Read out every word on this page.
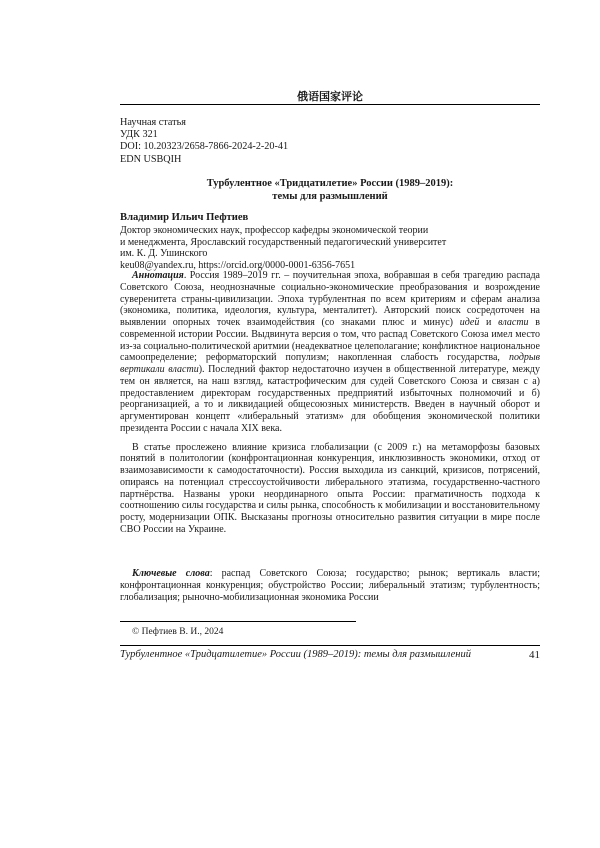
俄语国家评论
Научная статья
УДК 321
DOI: 10.20323/2658-7866-2024-2-20-41
EDN USBQIH
Турбулентное «Тридцатилетие» России (1989–2019):
темы для размышлений
Владимир Ильич Пефтиев
Доктор экономических наук, профессор кафедры экономической теории
и менеджмента, Ярославский государственный педагогический университет
им. К. Д. Ушинского
keu08@yandex.ru, https://orcid.org/0000-0001-6356-7651

Аннотация. Россия 1989–2019 гг. – поучительная эпоха, вобравшая в себя трагедию распада Советского Союза, неоднозначные социально-экономические преобразования и возрождение суверенитета страны-цивилизации. Эпоха турбулентная по всем критериям и сферам анализа (экономика, политика, идеология, культура, менталитет). Авторский поиск сосредоточен на выявлении опорных точек взаимодействия (со знаками плюс и минус) идей и власти в современной истории России. Выдвинута версия о том, что распад Советского Союза имел место из-за социально-политической аритмии (неадекватное целеполагание; конфликтное национальное самоопределение; реформаторский популизм; накопленная слабость государства, подрыв вертикали власти). Последний фактор недостаточно изучен в общественной литературе, между тем он является, на наш взгляд, катастрофическим для судей Советского Союза и связан с а) предоставлением директорам государственных предприятий избыточных полномочий и б) реорганизацией, а то и ликвидацией общесоюзных министерств. Введен в научный оборот и аргументирован концепт «либеральный этатизм» для обобщения экономической политики президента России с начала XIX века.

В статье прослежено влияние кризиса глобализации (с 2009 г.) на метаморфозы базовых понятий в политологии (конфронтационная конкуренция, инклюзивность экономики, отход от взаимозависимости к самодостаточности). Россия выходила из санкций, кризисов, потрясений, опираясь на потенциал стрессоустойчивости либерального этатизма, государственно-частного партнёрства. Названы уроки неординарного опыта России: прагматичность подхода к соотношению силы государства и силы рынка, способность к мобилизации и восстановительному росту, модернизации ОПК. Высказаны прогнозы относительно развития ситуации в мире после СВО России на Украине.

Ключевые слова: распад Советского Союза; государство; рынок; вертикаль власти; конфронтационная конкуренция; обустройство России; либеральный этатизм; турбулентность; глобализация; рыночно-мобилизационная экономика России
© Пефтиев В. И., 2024
Турбулентное «Тридцатилетие» России (1989–2019): темы для размышлений	41
